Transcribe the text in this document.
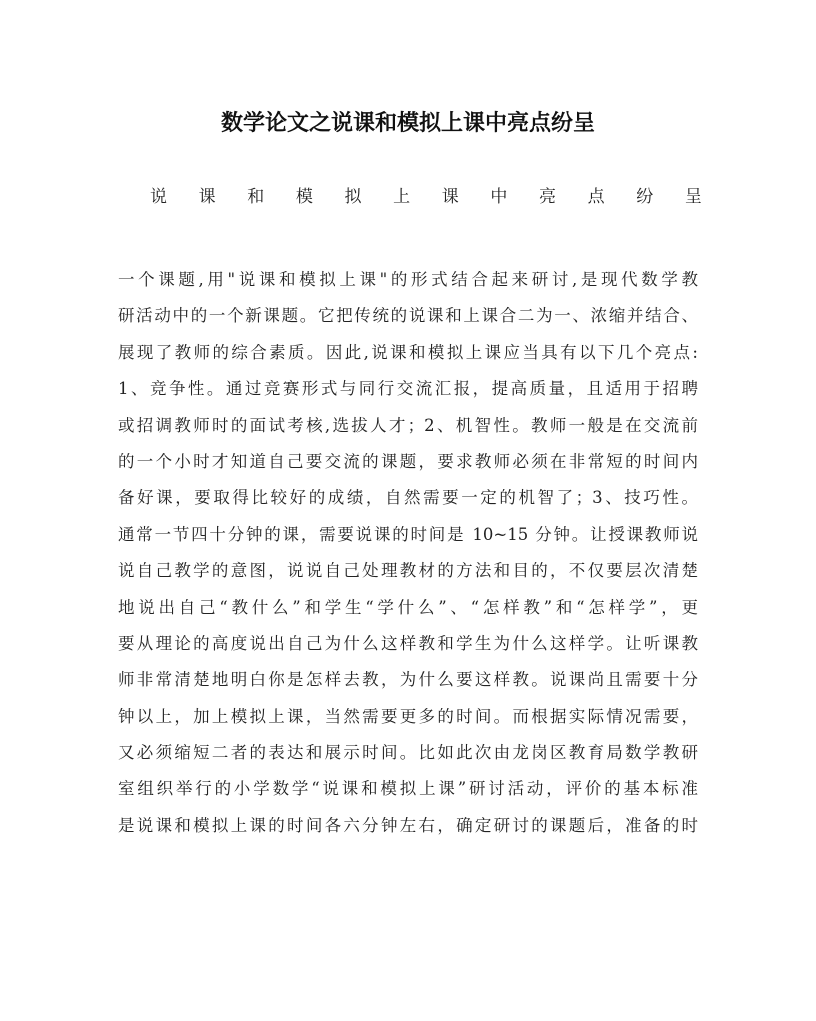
数学论文之说课和模拟上课中亮点纷呈
说 课 和 模 拟 上 课 中 亮 点 纷 呈
一个课题,用"说课和模拟上课"的形式结合起来研讨,是现代数学教
研活动中的一个新课题。它把传统的说课和上课合二为一、浓缩并结合、
展现了教师的综合素质。因此,说课和模拟上课应当具有以下几个亮点:
1、竞争性。通过竞赛形式与同行交流汇报，提高质量，且适用于招聘
或招调教师时的面试考核,选拔人才；2、机智性。教师一般是在交流前
的一个小时才知道自己要交流的课题，要求教师必须在非常短的时间内
备好课，要取得比较好的成绩，自然需要一定的机智了；3、技巧性。
通常一节四十分钟的课，需要说课的时间是 10~15 分钟。让授课教师说
说自己教学的意图，说说自己处理教材的方法和目的，不仅要层次清楚
地说出自己“教什么”和学生“学什么”、“怎样教”和“怎样学”，更
要从理论的高度说出自己为什么这样教和学生为什么这样学。让听课教
师非常清楚地明白你是怎样去教，为什么要这样教。说课尚且需要十分
钟以上，加上模拟上课，当然需要更多的时间。而根据实际情况需要，
又必须缩短二者的表达和展示时间。比如此次由龙岗区教育局数学教研
室组织举行的小学数学“说课和模拟上课”研讨活动，评价的基本标准
是说课和模拟上课的时间各六分钟左右，确定研讨的课题后，准备的时
